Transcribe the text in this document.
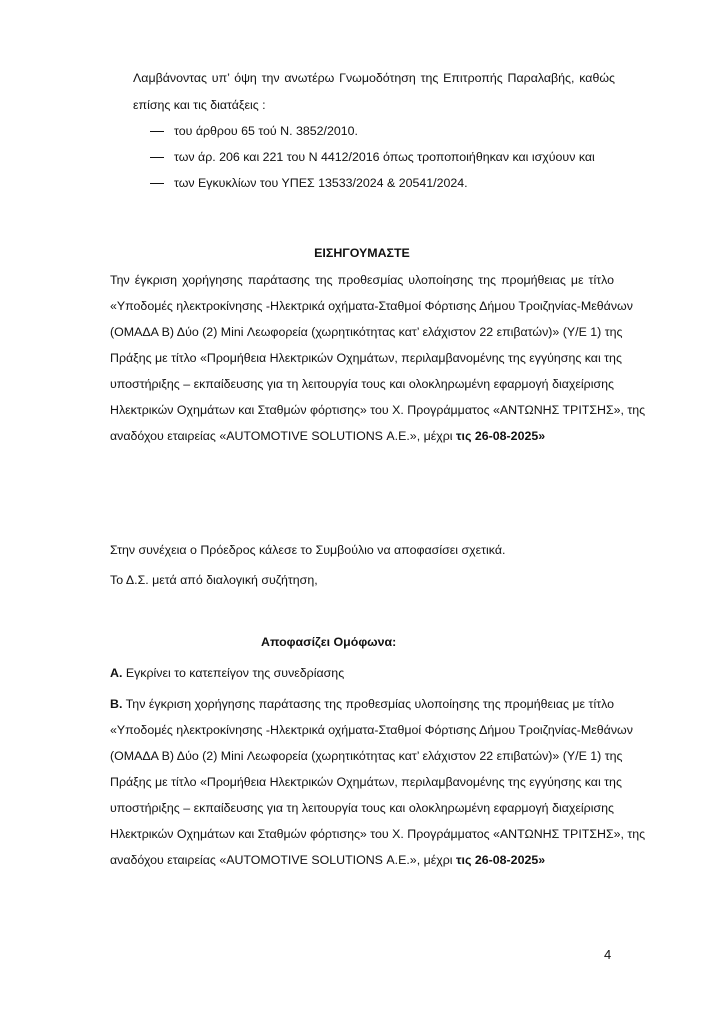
Λαμβάνοντας υπ’ όψη την ανωτέρω Γνωμοδότηση της Επιτροπής Παραλαβής, καθώς
επίσης και τις διατάξεις :
του άρθρου 65 τού Ν. 3852/2010.
των άρ. 206 και 221 του Ν 4412/2016 όπως τροποποιήθηκαν και ισχύουν και
των Εγκυκλίων του ΥΠΕΣ 13533/2024 & 20541/2024.
ΕΙΣΗΓΟΥΜΑΣΤΕ
Την έγκριση χορήγησης παράτασης της προθεσμίας υλοποίησης της προμήθειας με τίτλο
«Υποδομές ηλεκτροκίνησης -Ηλεκτρικά οχήματα-Σταθμοί Φόρτισης Δήμου Τροιζηνίας-Μεθάνων
(ΟΜΑΔΑ Β) Δύο (2) Mini Λεωφορεία (χωρητικότητας κατ’ ελάχιστον 22 επιβατών)» (Υ/Ε 1) της
Πράξης με τίτλο «Προμήθεια Ηλεκτρικών Οχημάτων, περιλαμβανομένης της εγγύησης και της
υποστήριξης – εκπαίδευσης για τη λειτουργία τους και ολοκληρωμένη εφαρμογή διαχείρισης
Ηλεκτρικών Οχημάτων και Σταθμών φόρτισης» του Χ. Προγράμματος «ΑΝΤΩΝΗΣ ΤΡΙΤΣΗΣ», της
αναδόχου εταιρείας «AUTOMOTIVE SOLUTIONS Α.Ε.», μέχρι τις 26-08-2025»
Στην συνέχεια ο Πρόεδρος κάλεσε το Συμβούλιο να αποφασίσει σχετικά.
Το Δ.Σ. μετά από διαλογική συζήτηση,
Αποφασίζει Ομόφωνα:
Α. Εγκρίνει το κατεπείγον της συνεδρίασης
Β. Την έγκριση χορήγησης παράτασης της προθεσμίας υλοποίησης της προμήθειας με τίτλο
«Υποδομές ηλεκτροκίνησης -Ηλεκτρικά οχήματα-Σταθμοί Φόρτισης Δήμου Τροιζηνίας-Μεθάνων
(ΟΜΑΔΑ Β) Δύο (2) Mini Λεωφορεία (χωρητικότητας κατ’ ελάχιστον 22 επιβατών)» (Υ/Ε 1) της
Πράξης με τίτλο «Προμήθεια Ηλεκτρικών Οχημάτων, περιλαμβανομένης της εγγύησης και της
υποστήριξης – εκπαίδευσης για τη λειτουργία τους και ολοκληρωμένη εφαρμογή διαχείρισης
Ηλεκτρικών Οχημάτων και Σταθμών φόρτισης» του Χ. Προγράμματος «ΑΝΤΩΝΗΣ ΤΡΙΤΣΗΣ», της
αναδόχου εταιρείας «AUTOMOTIVE SOLUTIONS Α.Ε.», μέχρι τις 26-08-2025»
4
